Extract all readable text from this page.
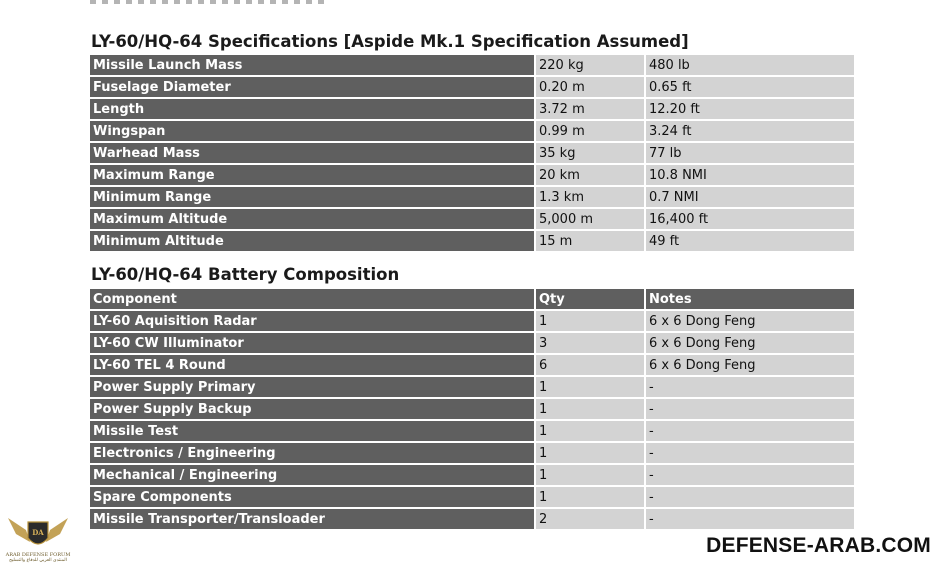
LY-60/HQ-64 Specifications [Aspide Mk.1 Specification Assumed]
Missile Launch Mass	220 kg	480 lb
Fuselage Diameter	0.20 m	0.65 ft
Length	3.72 m	12.20 ft
Wingspan	0.99 m	3.24 ft
Warhead Mass	35 kg	77 lb
Maximum Range	20 km	10.8 NMI
Minimum Range	1.3 km	0.7 NMI
Maximum Altitude	5,000 m	16,400 ft
Minimum Altitude	15 m	49 ft
LY-60/HQ-64 Battery Composition
Component	Qty	Notes
LY-60 Aquisition Radar	1	6 x 6 Dong Feng
LY-60 CW Illuminator	3	6 x 6 Dong Feng
LY-60 TEL 4 Round	6	6 x 6 Dong Feng
Power Supply Primary	1	-
Power Supply Backup	1	-
Missile Test	1	-
Electronics / Engineering	1	-
Mechanical / Engineering	1	-
Spare Components	1	-
Missile Transporter/Transloader	2	-
DA
ARAB DEFENSE FORUM
المنتدى العربي للدفاع والتسليح
DEFENSE-ARAB.COM
